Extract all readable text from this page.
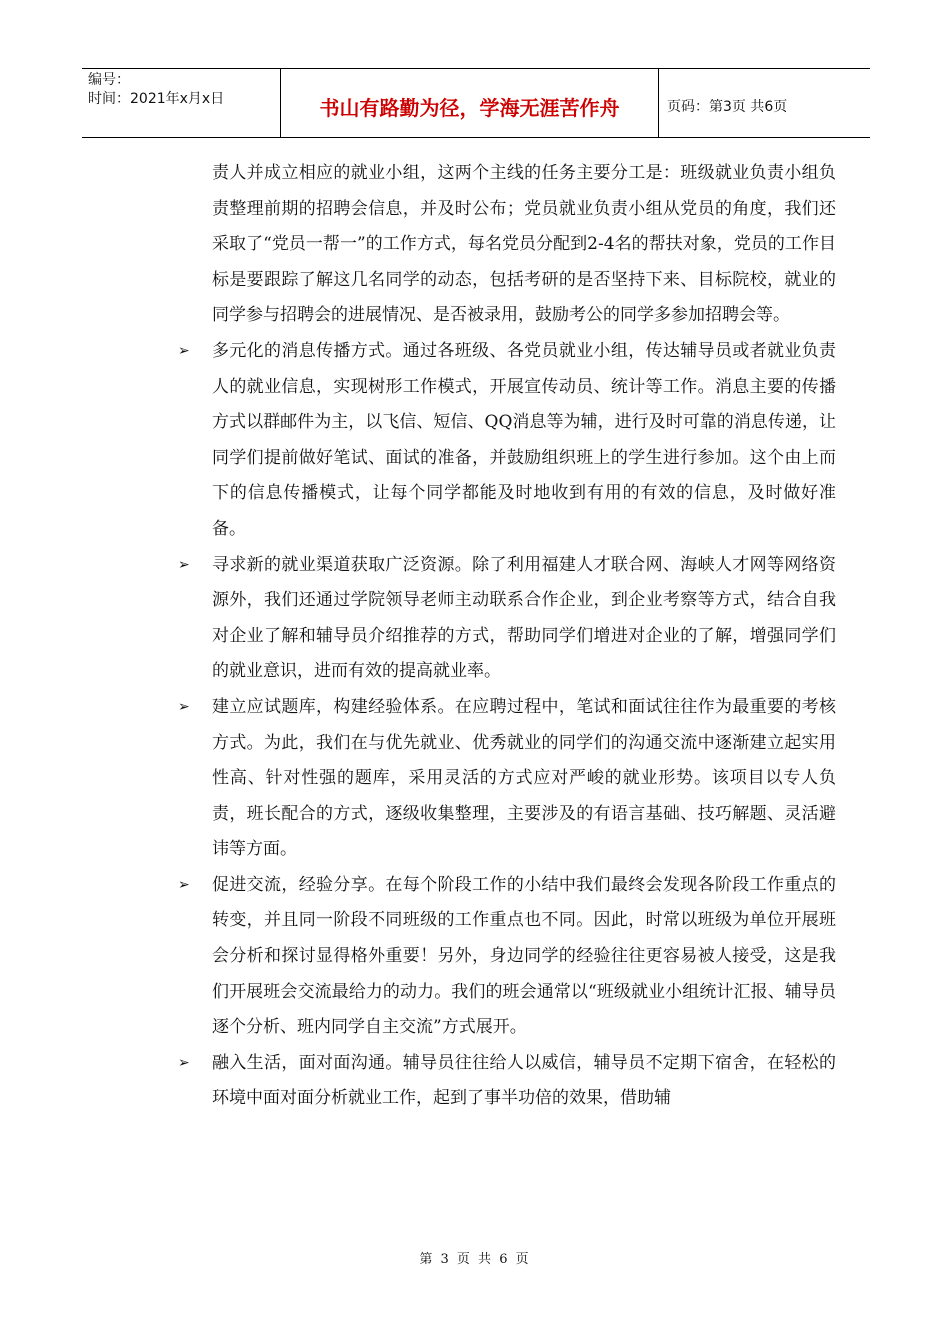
编号：
时间：2021年x月x日	书山有路勤为径，学海无涯苦作舟	页码：第3页 共6页

责人并成立相应的就业小组，这两个主线的任务主要分工是：班级就业负责小组负责整理前期的招聘会信息，并及时公布；党员就业负责小组从党员的角度，我们还采取了“党员一帮一”的工作方式，每名党员分配到2-4名的帮扶对象，党员的工作目标是要跟踪了解这几名同学的动态，包括考研的是否坚持下来、目标院校，就业的同学参与招聘会的进展情况、是否被录用，鼓励考公的同学多参加招聘会等。

➢ 多元化的消息传播方式。通过各班级、各党员就业小组，传达辅导员或者就业负责人的就业信息，实现树形工作模式，开展宣传动员、统计等工作。消息主要的传播方式以群邮件为主，以飞信、短信、QQ消息等为辅，进行及时可靠的消息传递，让同学们提前做好笔试、面试的准备，并鼓励组织班上的学生进行参加。这个由上而下的信息传播模式，让每个同学都能及时地收到有用的有效的信息，及时做好准备。
➢ 寻求新的就业渠道获取广泛资源。除了利用福建人才联合网、海峡人才网等网络资源外，我们还通过学院领导老师主动联系合作企业，到企业考察等方式，结合自我对企业了解和辅导员介绍推荐的方式，帮助同学们增进对企业的了解，增强同学们的就业意识，进而有效的提高就业率。
➢ 建立应试题库，构建经验体系。在应聘过程中，笔试和面试往往作为最重要的考核方式。为此，我们在与优先就业、优秀就业的同学们的沟通交流中逐渐建立起实用性高、针对性强的题库，采用灵活的方式应对严峻的就业形势。该项目以专人负责，班长配合的方式，逐级收集整理，主要涉及的有语言基础、技巧解题、灵活避讳等方面。
➢ 促进交流，经验分享。在每个阶段工作的小结中我们最终会发现各阶段工作重点的转变，并且同一阶段不同班级的工作重点也不同。因此，时常以班级为单位开展班会分析和探讨显得格外重要！另外，身边同学的经验往往更容易被人接受，这是我们开展班会交流最给力的动力。我们的班会通常以“班级就业小组统计汇报、辅导员逐个分析、班内同学自主交流”方式展开。
➢ 融入生活，面对面沟通。辅导员往往给人以威信，辅导员不定期下宿舍，在轻松的环境中面对面分析就业工作，起到了事半功倍的效果，借助辅
第 3 页 共 6 页
